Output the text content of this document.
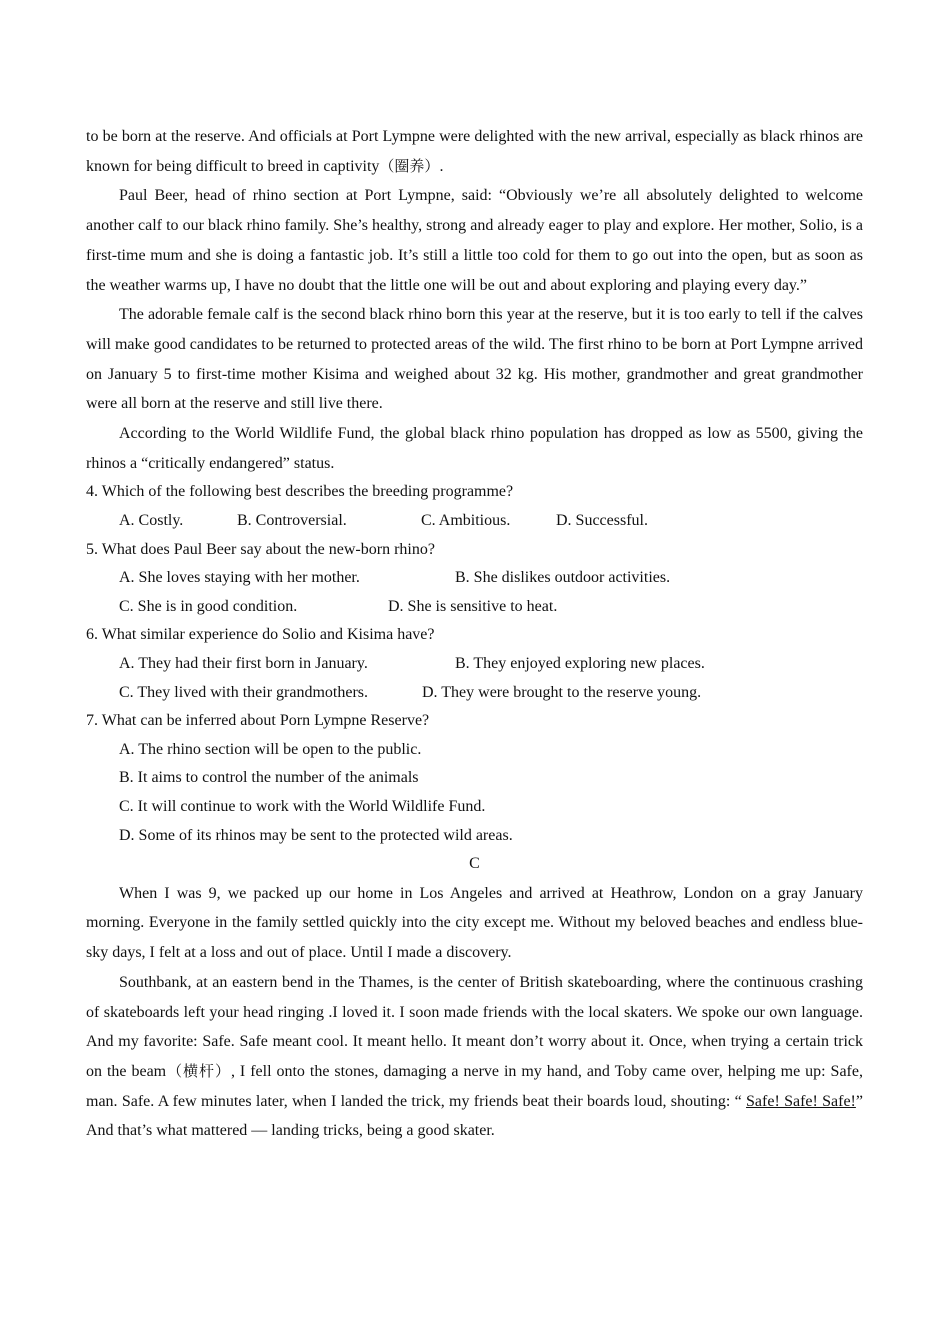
to be born at the reserve. And officials at Port Lympne were delighted with the new arrival, especially as black rhinos are known for being difficult to breed in captivity（圈养）.

Paul Beer, head of rhino section at Port Lympne, said: “Obviously we’re all absolutely delighted to welcome another calf to our black rhino family. She’s healthy, strong and already eager to play and explore. Her mother, Solio, is a first-time mum and she is doing a fantastic job. It’s still a little too cold for them to go out into the open, but as soon as the weather warms up, I have no doubt that the little one will be out and about exploring and playing every day.”

The adorable female calf is the second black rhino born this year at the reserve, but it is too early to tell if the calves will make good candidates to be returned to protected areas of the wild. The first rhino to be born at Port Lympne arrived on January 5 to first-time mother Kisima and weighed about 32 kg. His mother, grandmother and great grandmother were all born at the reserve and still live there.

According to the World Wildlife Fund, the global black rhino population has dropped as low as 5500, giving the rhinos a “critically endangered” status.

4. Which of the following best describes the breeding programme?
A. Costly.	B. Controversial.	C. Ambitious.	D. Successful.
5. What does Paul Beer say about the new-born rhino?
A. She loves staying with her mother.	B. She dislikes outdoor activities.
C. She is in good condition.	D. She is sensitive to heat.
6. What similar experience do Solio and Kisima have?
A. They had their first born in January.	B. They enjoyed exploring new places.
C. They lived with their grandmothers.	D. They were brought to the reserve young.
7. What can be inferred about Porn Lympne Reserve?
A. The rhino section will be open to the public.
B. It aims to control the number of the animals
C. It will continue to work with the World Wildlife Fund.
D. Some of its rhinos may be sent to the protected wild areas.
C

When I was 9, we packed up our home in Los Angeles and arrived at Heathrow, London on a gray January morning. Everyone in the family settled quickly into the city except me. Without my beloved beaches and endless blue-sky days, I felt at a loss and out of place. Until I made a discovery.

Southbank, at an eastern bend in the Thames, is the center of British skateboarding, where the continuous crashing of skateboards left your head ringing .I loved it. I soon made friends with the local skaters. We spoke our own language. And my favorite: Safe. Safe meant cool. It meant hello. It meant don’t worry about it. Once, when trying a certain trick on the beam（横杆）, I fell onto the stones, damaging a nerve in my hand, and Toby came over, helping me up: Safe, man. Safe. A few minutes later, when I landed the trick, my friends beat their boards loud, shouting: “ Safe! Safe! Safe!” And that’s what mattered — landing tricks, being a good skater.
